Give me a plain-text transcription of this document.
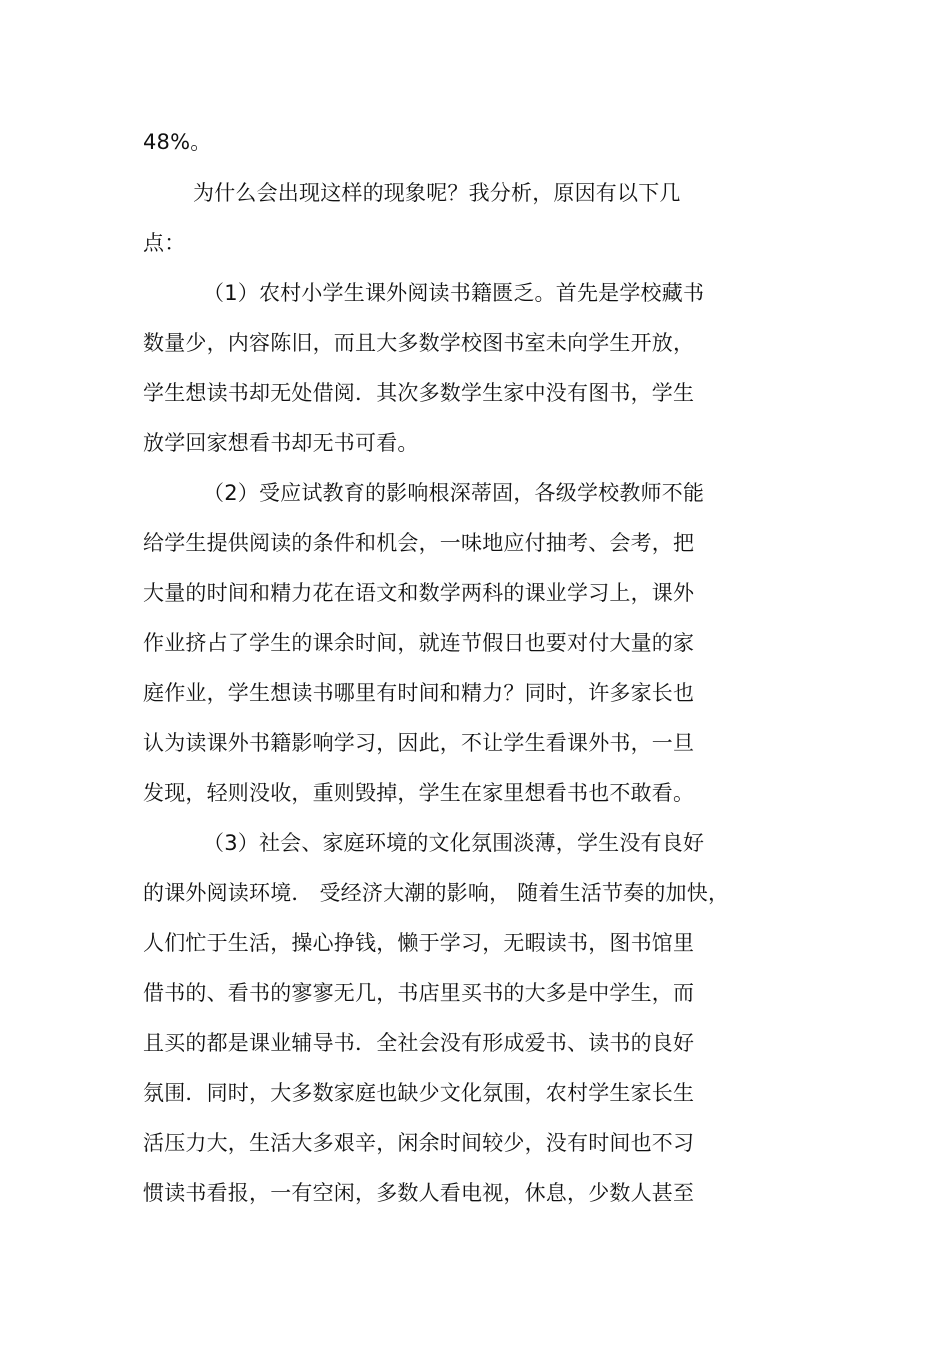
48%。
为什么会出现这样的现象呢？我分析，原因有以下几
点：
（1）农村小学生课外阅读书籍匮乏。首先是学校藏书
数量少，内容陈旧，而且大多数学校图书室未向学生开放，
学生想读书却无处借阅．其次多数学生家中没有图书，学生
放学回家想看书却无书可看。
（2）受应试教育的影响根深蒂固，各级学校教师不能
给学生提供阅读的条件和机会，一味地应付抽考、会考，把
大量的时间和精力花在语文和数学两科的课业学习上，课外
作业挤占了学生的课余时间，就连节假日也要对付大量的家
庭作业，学生想读书哪里有时间和精力？同时，许多家长也
认为读课外书籍影响学习，因此，不让学生看课外书，一旦
发现，轻则没收，重则毁掉，学生在家里想看书也不敢看。
（3）社会、家庭环境的文化氛围淡薄，学生没有良好
的课外阅读环境． 受经济大潮的影响， 随着生活节奏的加快，
人们忙于生活，操心挣钱，懒于学习，无暇读书，图书馆里
借书的、看书的寥寥无几，书店里买书的大多是中学生，而
且买的都是课业辅导书．全社会没有形成爱书、读书的良好
氛围．同时，大多数家庭也缺少文化氛围，农村学生家长生
活压力大，生活大多艰辛，闲余时间较少，没有时间也不习
惯读书看报，一有空闲，多数人看电视，休息，少数人甚至
